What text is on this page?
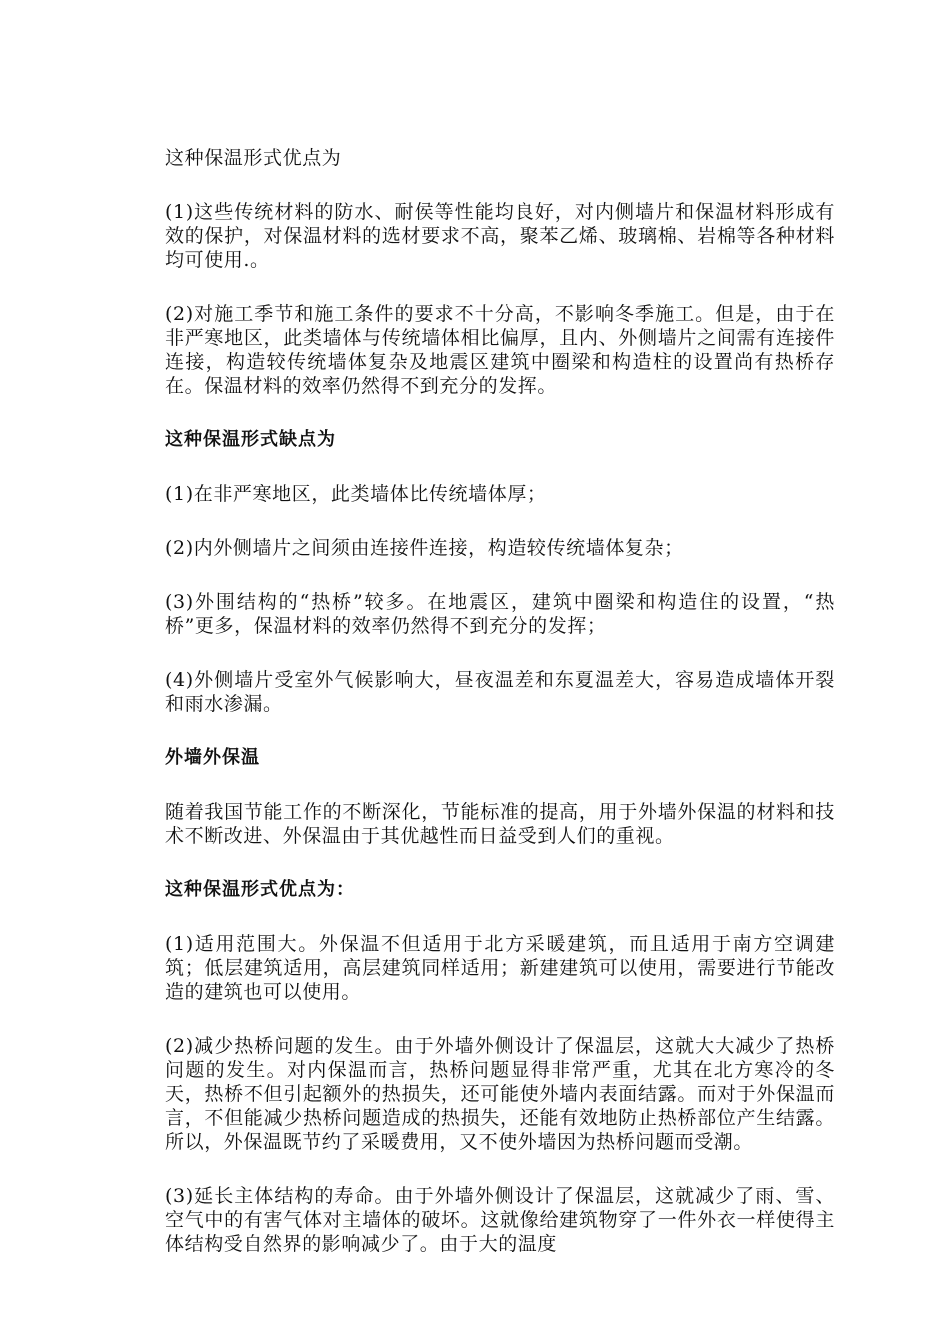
这种保温形式优点为

(1)这些传统材料的防水、耐侯等性能均良好，对内侧墙片和保温材料形成有效的保护，对保温材料的选材要求不高，聚苯乙烯、玻璃棉、岩棉等各种材料均可使用.。

(2)对施工季节和施工条件的要求不十分高，不影响冬季施工。但是，由于在非严寒地区，此类墙体与传统墙体相比偏厚，且内、外侧墙片之间需有连接件连接，构造较传统墙体复杂及地震区建筑中圈梁和构造柱的设置尚有热桥存在。保温材料的效率仍然得不到充分的发挥。

这种保温形式缺点为

(1)在非严寒地区，此类墙体比传统墙体厚；

(2)内外侧墙片之间须由连接件连接，构造较传统墙体复杂；

(3)外围结构的“热桥”较多。在地震区，建筑中圈梁和构造住的设置，“热桥”更多，保温材料的效率仍然得不到充分的发挥；

(4)外侧墙片受室外气候影响大，昼夜温差和东夏温差大，容易造成墙体开裂和雨水渗漏。

外墙外保温

随着我国节能工作的不断深化，节能标准的提高，用于外墙外保温的材料和技术不断改进、外保温由于其优越性而日益受到人们的重视。

这种保温形式优点为：

(1)适用范围大。外保温不但适用于北方采暖建筑，而且适用于南方空调建筑；低层建筑适用，高层建筑同样适用；新建建筑可以使用，需要进行节能改造的建筑也可以使用。

(2)减少热桥问题的发生。由于外墙外侧设计了保温层，这就大大减少了热桥问题的发生。对内保温而言，热桥问题显得非常严重，尤其在北方寒冷的冬天，热桥不但引起额外的热损失，还可能使外墙内表面结露。而对于外保温而言，不但能减少热桥问题造成的热损失，还能有效地防止热桥部位产生结露。所以，外保温既节约了采暖费用，又不使外墙因为热桥问题而受潮。

(3)延长主体结构的寿命。由于外墙外侧设计了保温层，这就减少了雨、雪、空气中的有害气体对主墙体的破坏。这就像给建筑物穿了一件外衣一样使得主体结构受自然界的影响减少了。由于大的温度
